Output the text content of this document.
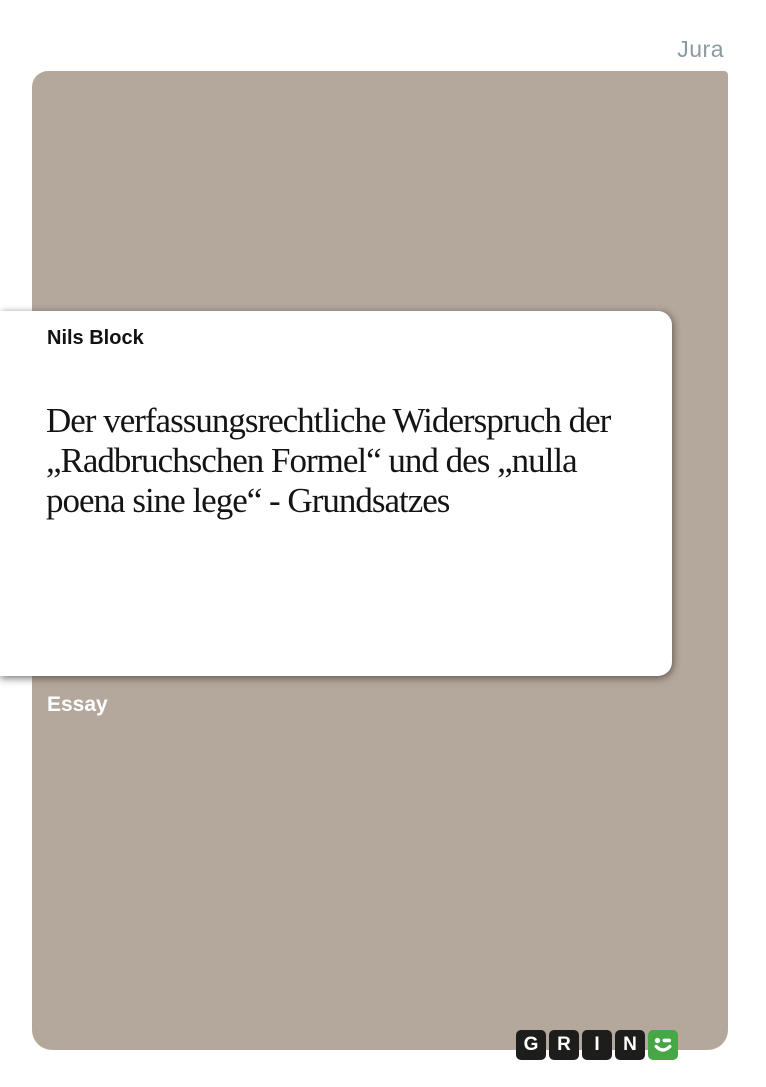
Jura
Nils Block
Der verfassungsrechtliche Widerspruch der
„Radbruchschen Formel“ und des „nulla
poena sine lege“ - Grundsatzes
Essay
G R	I	N
